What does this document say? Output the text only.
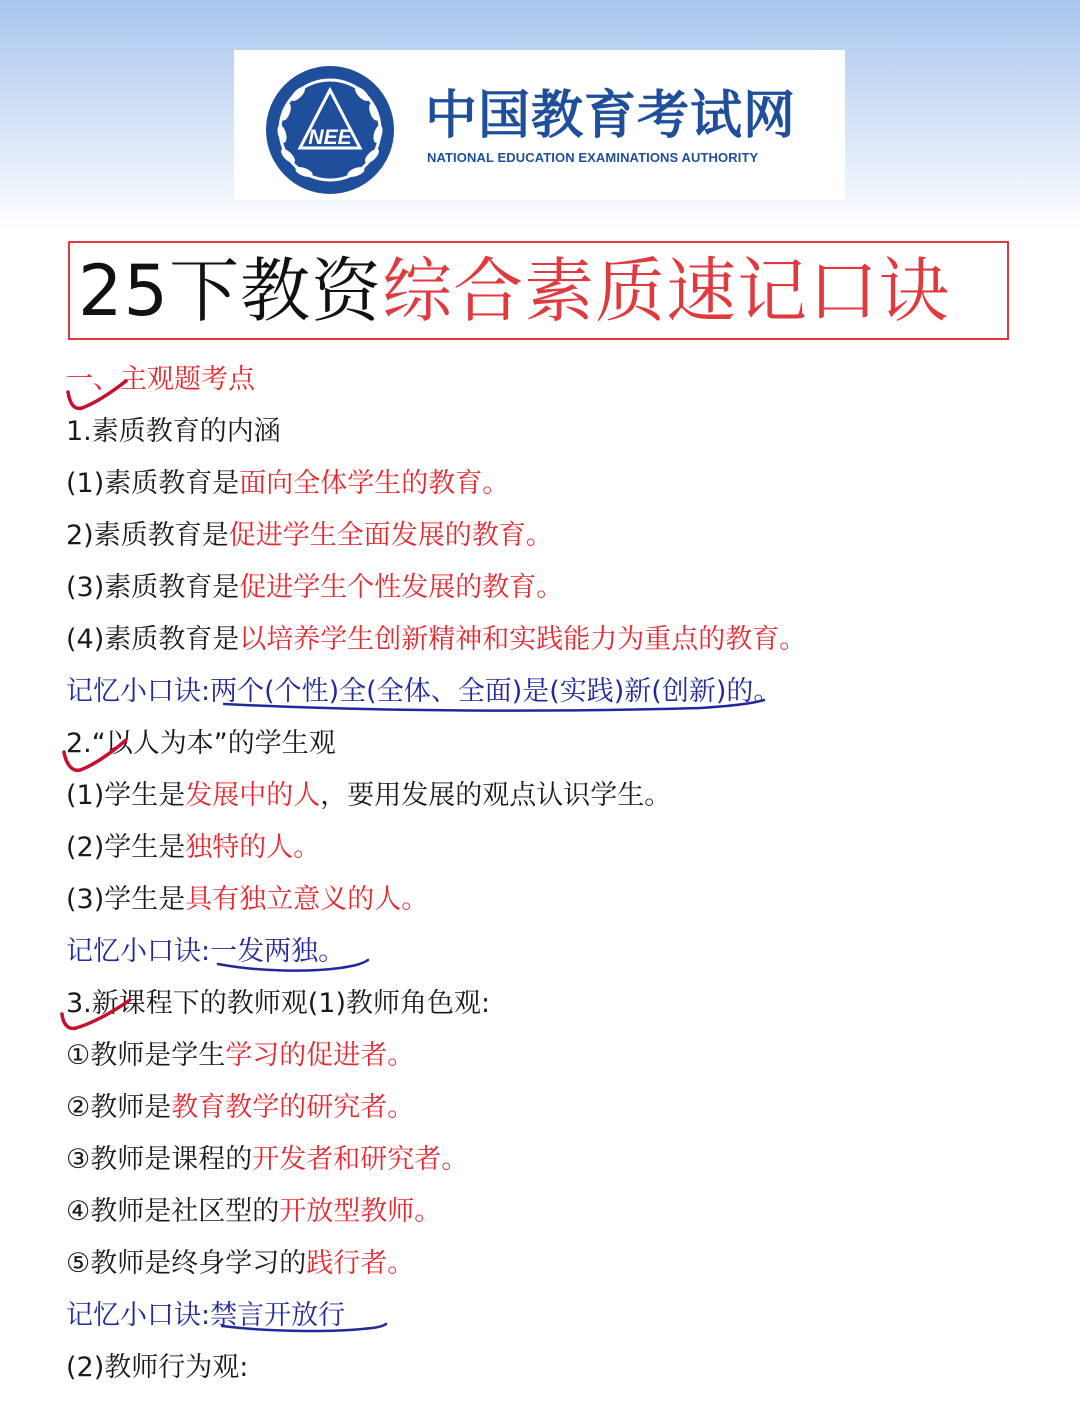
NEE 中国教育考试网
NATIONAL EDUCATION EXAMINATIONS AUTHORITY
25下教资综合素质速记口诀
一、主观题考点
1.素质教育的内涵
(1)素质教育是面向全体学生的教育。
2)素质教育是促进学生全面发展的教育。
(3)素质教育是促进学生个性发展的教育。
(4)素质教育是以培养学生创新精神和实践能力为重点的教育。
记忆小口诀:两个(个性)全(全体、全面)是(实践)新(创新)的。
2.“以人为本”的学生观
(1)学生是发展中的人，要用发展的观点认识学生。
(2)学生是独特的人。
(3)学生是具有独立意义的人。
记忆小口诀:一发两独。
3.新课程下的教师观(1)教师角色观:
①教师是学生学习的促进者。
②教师是教育教学的研究者。
③教师是课程的开发者和研究者。
④教师是社区型的开放型教师。
⑤教师是终身学习的践行者。
记忆小口诀:禁言开放行
(2)教师行为观:
